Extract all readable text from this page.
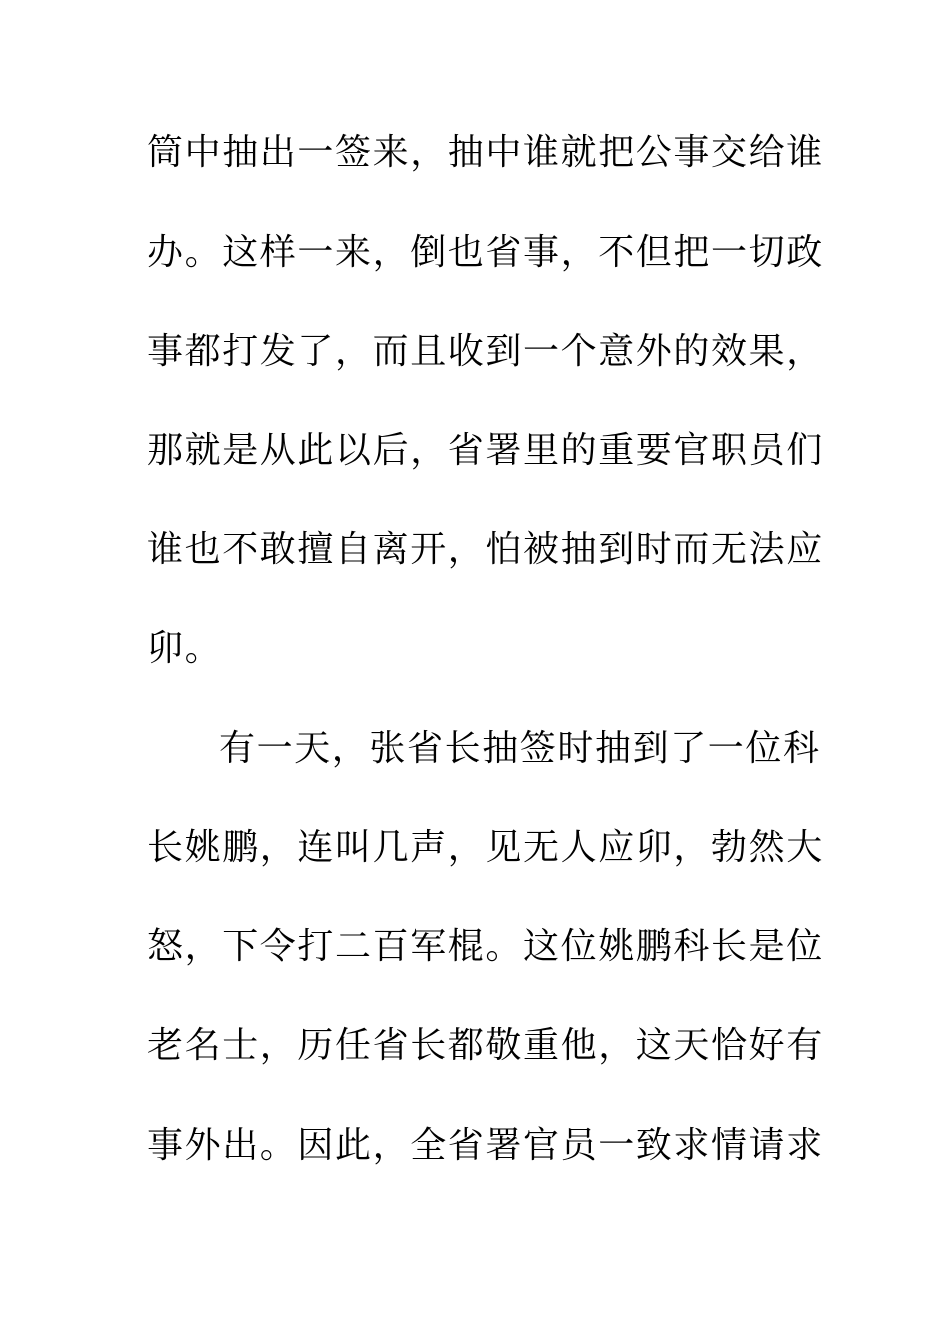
筒中抽出一签来，抽中谁就把公事交给谁
办。这样一来，倒也省事，不但把一切政
事都打发了，而且收到一个意外的效果，
那就是从此以后，省署里的重要官职员们
谁也不敢擅自离开，怕被抽到时而无法应
卯。
有一天，张省长抽签时抽到了一位科
长姚鹏，连叫几声，见无人应卯，勃然大
怒，下令打二百军棍。这位姚鹏科长是位
老名士，历任省长都敬重他，这天恰好有
事外出。因此，全省署官员一致求情请求
